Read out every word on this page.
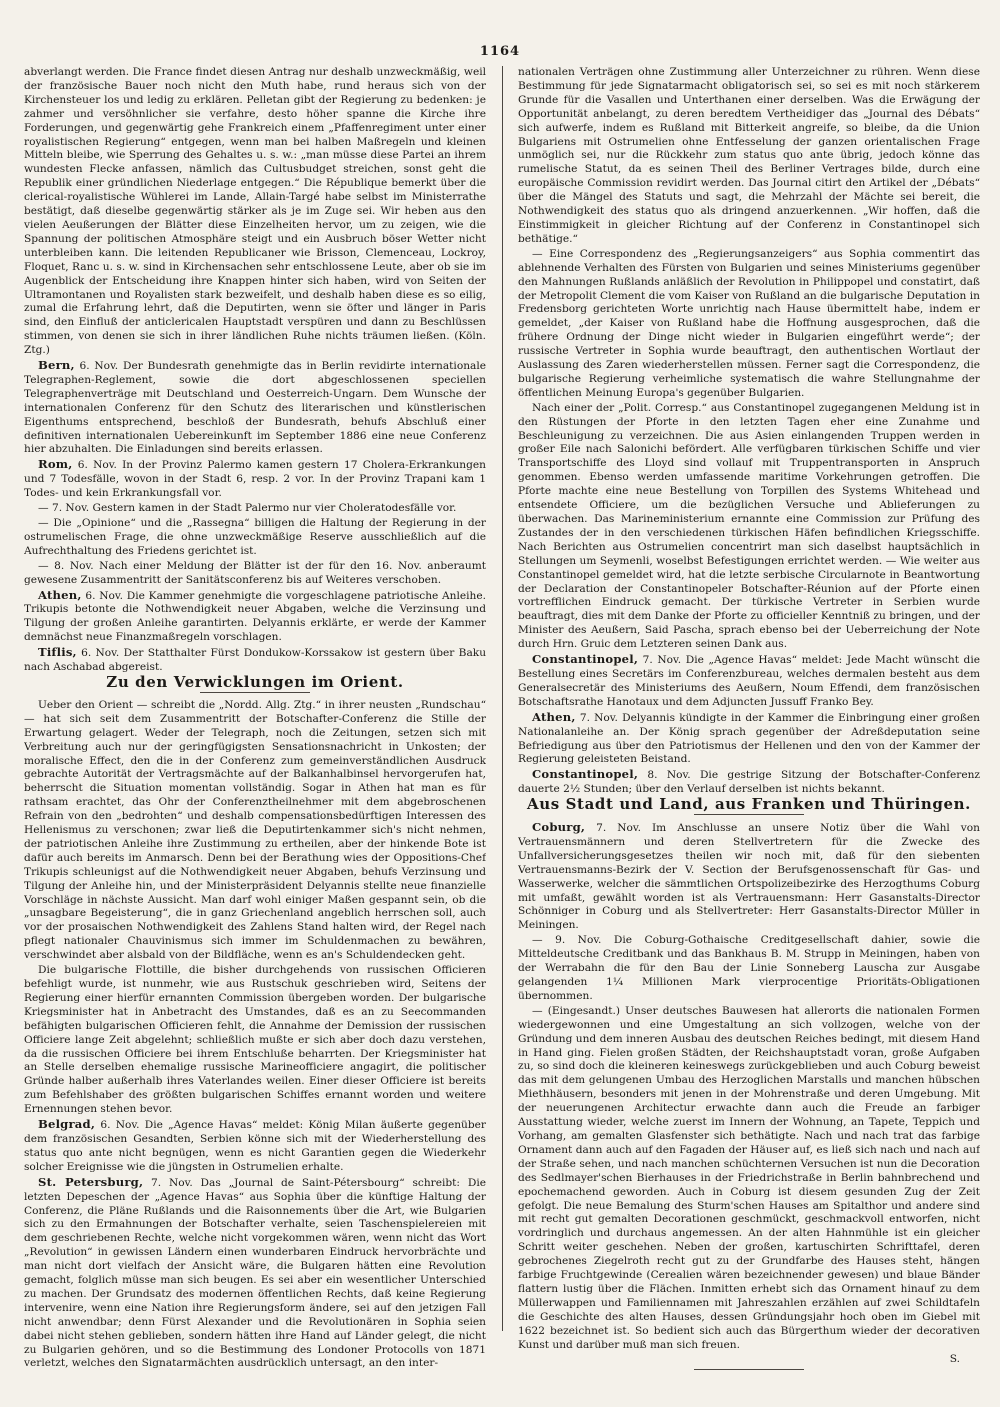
1164

abverlangt werden. Die France findet diesen Antrag nur deshalb unzweckmäßig, weil der französische Bauer noch nicht den Muth habe, rund heraus sich von der Kirchensteuer los und ledig zu erklären. Pelletan gibt der Regierung zu bedenken: je zahmer und versöhnlicher sie verfahre, desto höher spanne die Kirche ihre Forderungen, und gegenwärtig gehe Frankreich einem „Pfaffenregiment unter einer royalistischen Regierung“ entgegen, wenn man bei halben Maßregeln und kleinen Mitteln bleibe, wie Sperrung des Gehaltes u. s. w.: „man müsse diese Partei an ihrem wundesten Flecke anfassen, nämlich das Cultusbudget streichen, sonst geht die Republik einer gründlichen Niederlage entgegen.“ Die République bemerkt über die clerical-royalistische Wühlerei im Lande, Allain-Targé habe selbst im Ministerrathe bestätigt, daß dieselbe gegenwärtig stärker als je im Zuge sei. Wir heben aus den vielen Aeußerungen der Blätter diese Einzelheiten hervor, um zu zeigen, wie die Spannung der politischen Atmosphäre steigt und ein Ausbruch böser Wetter nicht unterbleiben kann. Die leitenden Republicaner wie Brisson, Clemenceau, Lockroy, Floquet, Ranc u. s. w. sind in Kirchensachen sehr entschlossene Leute, aber ob sie im Augenblick der Entscheidung ihre Knappen hinter sich haben, wird von Seiten der Ultramontanen und Royalisten stark bezweifelt, und deshalb haben diese es so eilig, zumal die Erfahrung lehrt, daß die Deputirten, wenn sie öfter und länger in Paris sind, den Einfluß der anticlericalen Hauptstadt verspüren und dann zu Beschlüssen stimmen, von denen sie sich in ihrer ländlichen Ruhe nichts träumen ließen. (Köln. Ztg.)

Bern, 6. Nov. Der Bundesrath genehmigte das in Berlin revidirte internationale Telegraphen-Reglement, sowie die dort abgeschlossenen speciellen Telegraphenverträge mit Deutschland und Oesterreich-Ungarn. Dem Wunsche der internationalen Conferenz für den Schutz des literarischen und künstlerischen Eigenthums entsprechend, beschloß der Bundesrath, behufs Abschluß einer definitiven internationalen Uebereinkunft im September 1886 eine neue Conferenz hier abzuhalten. Die Einladungen sind bereits erlassen.

Rom, 6. Nov. In der Provinz Palermo kamen gestern 17 Cholera-Erkrankungen und 7 Todesfälle, wovon in der Stadt 6, resp. 2 vor. In der Provinz Trapani kam 1 Todes- und kein Erkrankungsfall vor.

— 7. Nov. Gestern kamen in der Stadt Palermo nur vier Choleratodesfälle vor.

— Die „Opinione“ und die „Rassegna“ billigen die Haltung der Regierung in der ostrumelischen Frage, die ohne unzweckmäßige Reserve ausschließlich auf die Aufrechthaltung des Friedens gerichtet ist.

— 8. Nov. Nach einer Meldung der Blätter ist der für den 16. Nov. anberaumt gewesene Zusammentritt der Sanitätsconferenz bis auf Weiteres verschoben.

Athen, 6. Nov. Die Kammer genehmigte die vorgeschlagene patriotische Anleihe. Trikupis betonte die Nothwendigkeit neuer Abgaben, welche die Verzinsung und Tilgung der großen Anleihe garantirten. Delyannis erklärte, er werde der Kammer demnächst neue Finanzmaßregeln vorschlagen.

Tiflis, 6. Nov. Der Statthalter Fürst Dondukow-Korssakow ist gestern über Baku nach Aschabad abgereist.

Zu den Verwicklungen im Orient.

Ueber den Orient — schreibt die „Nordd. Allg. Ztg.“ in ihrer neusten „Rundschau“ — hat sich seit dem Zusammentritt der Botschafter-Conferenz die Stille der Erwartung gelagert. Weder der Telegraph, noch die Zeitungen, setzen sich mit Verbreitung auch nur der geringfügigsten Sensationsnachricht in Unkosten; der moralische Effect, den die in der Conferenz zum gemeinverständlichen Ausdruck gebrachte Autorität der Vertragsmächte auf der Balkanhalbinsel hervorgerufen hat, beherrscht die Situation momentan vollständig. Sogar in Athen hat man es für rathsam erachtet, das Ohr der Conferenztheilnehmer mit dem abgebroschenen Refrain von den „bedrohten“ und deshalb compensationsbedürftigen Interessen des Hellenismus zu verschonen; zwar ließ die Deputirtenkammer sich's nicht nehmen, der patriotischen Anleihe ihre Zustimmung zu ertheilen, aber der hinkende Bote ist dafür auch bereits im Anmarsch. Denn bei der Berathung wies der Oppositions-Chef Trikupis schleunigst auf die Nothwendigkeit neuer Abgaben, behufs Verzinsung und Tilgung der Anleihe hin, und der Ministerpräsident Delyannis stellte neue finanzielle Vorschläge in nächste Aussicht. Man darf wohl einiger Maßen gespannt sein, ob die „unsagbare Begeisterung“, die in ganz Griechenland angeblich herrschen soll, auch vor der prosaischen Nothwendigkeit des Zahlens Stand halten wird, der Regel nach pflegt nationaler Chauvinismus sich immer im Schuldenmachen zu bewähren, verschwindet aber alsbald von der Bildfläche, wenn es an's Schuldendecken geht.

Die bulgarische Flottille, die bisher durchgehends von russischen Officieren befehligt wurde, ist nunmehr, wie aus Rustschuk geschrieben wird, Seitens der Regierung einer hierfür ernannten Commission übergeben worden. Der bulgarische Kriegsminister hat in Anbetracht des Umstandes, daß es an zu Seecommanden befähigten bulgarischen Officieren fehlt, die Annahme der Demission der russischen Officiere lange Zeit abgelehnt; schließlich mußte er sich aber doch dazu verstehen, da die russischen Officiere bei ihrem Entschluße beharrten. Der Kriegsminister hat an Stelle derselben ehemalige russische Marineofficiere angagirt, die politischer Gründe halber außerhalb ihres Vaterlandes weilen. Einer dieser Officiere ist bereits zum Befehlshaber des größten bulgarischen Schiffes ernannt worden und weitere Ernennungen stehen bevor.

Belgrad, 6. Nov. Die „Agence Havas“ meldet: König Milan äußerte gegenüber dem französischen Gesandten, Serbien könne sich mit der Wiederherstellung des status quo ante nicht begnügen, wenn es nicht Garantien gegen die Wiederkehr solcher Ereignisse wie die jüngsten in Ostrumelien erhalte.

St. Petersburg, 7. Nov. Das „Journal de Saint-Pétersbourg“ schreibt: Die letzten Depeschen der „Agence Havas“ aus Sophia über die künftige Haltung der Conferenz, die Pläne Rußlands und die Raisonnements über die Art, wie Bulgarien sich zu den Ermahnungen der Botschafter verhalte, seien Taschenspielereien mit dem geschriebenen Rechte, welche nicht vorgekommen wären, wenn nicht das Wort „Revolution“ in gewissen Ländern einen wunderbaren Eindruck hervorbrächte und man nicht dort vielfach der Ansicht wäre, die Bulgaren hätten eine Revolution gemacht, folglich müsse man sich beugen. Es sei aber ein wesentlicher Unterschied zu machen. Der Grundsatz des modernen öffentlichen Rechts, daß keine Regierung intervenire, wenn eine Nation ihre Regierungsform ändere, sei auf den jetzigen Fall nicht anwendbar; denn Fürst Alexander und die Revolutionären in Sophia seien dabei nicht stehen geblieben, sondern hätten ihre Hand auf Länder gelegt, die nicht zu Bulgarien gehören, und so die Bestimmung des Londoner Protocolls von 1871 verletzt, welches den Signatarmächten ausdrücklich untersagt, an den inter-

nationalen Verträgen ohne Zustimmung aller Unterzeichner zu rühren. Wenn diese Bestimmung für jede Signatarmacht obligatorisch sei, so sei es mit noch stärkerem Grunde für die Vasallen und Unterthanen einer derselben. Was die Erwägung der Opportunität anbelangt, zu deren beredtem Vertheidiger das „Journal des Débats“ sich aufwerfe, indem es Rußland mit Bitterkeit angreife, so bleibe, da die Union Bulgariens mit Ostrumelien ohne Entfesselung der ganzen orientalischen Frage unmöglich sei, nur die Rückkehr zum status quo ante übrig, jedoch könne das rumelische Statut, da es seinen Theil des Berliner Vertrages bilde, durch eine europäische Commission revidirt werden. Das Journal citirt den Artikel der „Débats“ über die Mängel des Statuts und sagt, die Mehrzahl der Mächte sei bereit, die Nothwendigkeit des status quo als dringend anzuerkennen. „Wir hoffen, daß die Einstimmigkeit in gleicher Richtung auf der Conferenz in Constantinopel sich bethätige.“

— Eine Correspondenz des „Regierungsanzeigers“ aus Sophia commentirt das ablehnende Verhalten des Fürsten von Bulgarien und seines Ministeriums gegenüber den Mahnungen Rußlands anläßlich der Revolution in Philippopel und constatirt, daß der Metropolit Clement die vom Kaiser von Rußland an die bulgarische Deputation in Fredensborg gerichteten Worte unrichtig nach Hause übermittelt habe, indem er gemeldet, „der Kaiser von Rußland habe die Hoffnung ausgesprochen, daß die frühere Ordnung der Dinge nicht wieder in Bulgarien eingeführt werde“; der russische Vertreter in Sophia wurde beauftragt, den authentischen Wortlaut der Auslassung des Zaren wiederherstellen müssen. Ferner sagt die Correspondenz, die bulgarische Regierung verheimliche systematisch die wahre Stellungnahme der öffentlichen Meinung Europa's gegenüber Bulgarien.

Nach einer der „Polit. Corresp.“ aus Constantinopel zugegangenen Meldung ist in den Rüstungen der Pforte in den letzten Tagen eher eine Zunahme und Beschleunigung zu verzeichnen. Die aus Asien einlangenden Truppen werden in großer Eile nach Salonichi befördert. Alle verfügbaren türkischen Schiffe und vier Transportschiffe des Lloyd sind vollauf mit Truppentransporten in Anspruch genommen. Ebenso werden umfassende maritime Vorkehrungen getroffen. Die Pforte machte eine neue Bestellung von Torpillen des Systems Whitehead und entsendete Officiere, um die bezüglichen Versuche und Ablieferungen zu überwachen. Das Marineministerium ernannte eine Commission zur Prüfung des Zustandes der in den verschiedenen türkischen Häfen befindlichen Kriegsschiffe. Nach Berichten aus Ostrumelien concentrirt man sich daselbst hauptsächlich in Stellungen um Seymenli, woselbst Befestigungen errichtet werden. — Wie weiter aus Constantinopel gemeldet wird, hat die letzte serbische Circularnote in Beantwortung der Declaration der Constantinopeler Botschafter-Réunion auf der Pforte einen vortrefflichen Eindruck gemacht. Der türkische Vertreter in Serbien wurde beauftragt, dies mit dem Danke der Pforte zu officieller Kenntniß zu bringen, und der Minister des Aeußern, Said Pascha, sprach ebenso bei der Ueberreichung der Note durch Hrn. Gruic dem Letzteren seinen Dank aus.

Constantinopel, 7. Nov. Die „Agence Havas“ meldet: Jede Macht wünscht die Bestellung eines Secretärs im Conferenzbureau, welches dermalen besteht aus dem Generalsecretär des Ministeriums des Aeußern, Noum Effendi, dem französischen Botschaftsrathe Hanotaux und dem Adjuncten Jussuff Franko Bey.

Athen, 7. Nov. Delyannis kündigte in der Kammer die Einbringung einer großen Nationalanleihe an. Der König sprach gegenüber der Adreßdeputation seine Befriedigung aus über den Patriotismus der Hellenen und den von der Kammer der Regierung geleisteten Beistand.

Constantinopel, 8. Nov. Die gestrige Sitzung der Botschafter-Conferenz dauerte 2½ Stunden; über den Verlauf derselben ist nichts bekannt.

Aus Stadt und Land, aus Franken und Thüringen.

Coburg, 7. Nov. Im Anschlusse an unsere Notiz über die Wahl von Vertrauensmännern und deren Stellvertretern für die Zwecke des Unfallversicherungsgesetzes theilen wir noch mit, daß für den siebenten Vertrauensmanns-Bezirk der V. Section der Berufsgenossenschaft für Gas- und Wasserwerke, welcher die sämmtlichen Ortspolizeibezirke des Herzogthums Coburg mit umfaßt, gewählt worden ist als Vertrauensmann: Herr Gasanstalts-Director Schönniger in Coburg und als Stellvertreter: Herr Gasanstalts-Director Müller in Meiningen.

— 9. Nov. Die Coburg-Gothaische Creditgesellschaft dahier, sowie die Mitteldeutsche Creditbank und das Bankhaus B. M. Strupp in Meiningen, haben von der Werrabahn die für den Bau der Linie Sonneberg Lauscha zur Ausgabe gelangenden 1¼ Millionen Mark vierprocentige Prioritäts-Obligationen übernommen.

— (Eingesandt.) Unser deutsches Bauwesen hat allerorts die nationalen Formen wiedergewonnen und eine Umgestaltung an sich vollzogen, welche von der Gründung und dem inneren Ausbau des deutschen Reiches bedingt, mit diesem Hand in Hand ging. Fielen großen Städten, der Reichshauptstadt voran, große Aufgaben zu, so sind doch die kleineren keineswegs zurückgeblieben und auch Coburg beweist das mit dem gelungenen Umbau des Herzoglichen Marstalls und manchen hübschen Miethhäusern, besonders mit jenen in der Mohrenstraße und deren Umgebung. Mit der neuerungenen Architectur erwachte dann auch die Freude an farbiger Ausstattung wieder, welche zuerst im Innern der Wohnung, an Tapete, Teppich und Vorhang, am gemalten Glasfenster sich bethätigte. Nach und nach trat das farbige Ornament dann auch auf den Fagaden der Häuser auf, es ließ sich nach und nach auf der Straße sehen, und nach manchen schüchternen Versuchen ist nun die Decoration des Sedlmayer'schen Bierhauses in der Friedrichstraße in Berlin bahnbrechend und epochemachend geworden. Auch in Coburg ist diesem gesunden Zug der Zeit gefolgt. Die neue Bemalung des Sturm'schen Hauses am Spitalthor und andere sind mit recht gut gemalten Decorationen geschmückt, geschmackvoll entworfen, nicht vordringlich und durchaus angemessen. An der alten Hahnmühle ist ein gleicher Schritt weiter geschehen. Neben der großen, kartuschirten Schrifttafel, deren gebrochenes Ziegelroth recht gut zu der Grundfarbe des Hauses steht, hängen farbige Fruchtgewinde (Cerealien wären bezeichnender gewesen) und blaue Bänder flattern lustig über die Flächen. Inmitten erhebt sich das Ornament hinauf zu dem Müllerwappen und Familiennamen mit Jahreszahlen erzählen auf zwei Schildtafeln die Geschichte des alten Hauses, dessen Gründungsjahr hoch oben im Giebel mit 1622 bezeichnet ist. So bedient sich auch das Bürgerthum wieder der decorativen Kunst und darüber muß man sich freuen.

S.
